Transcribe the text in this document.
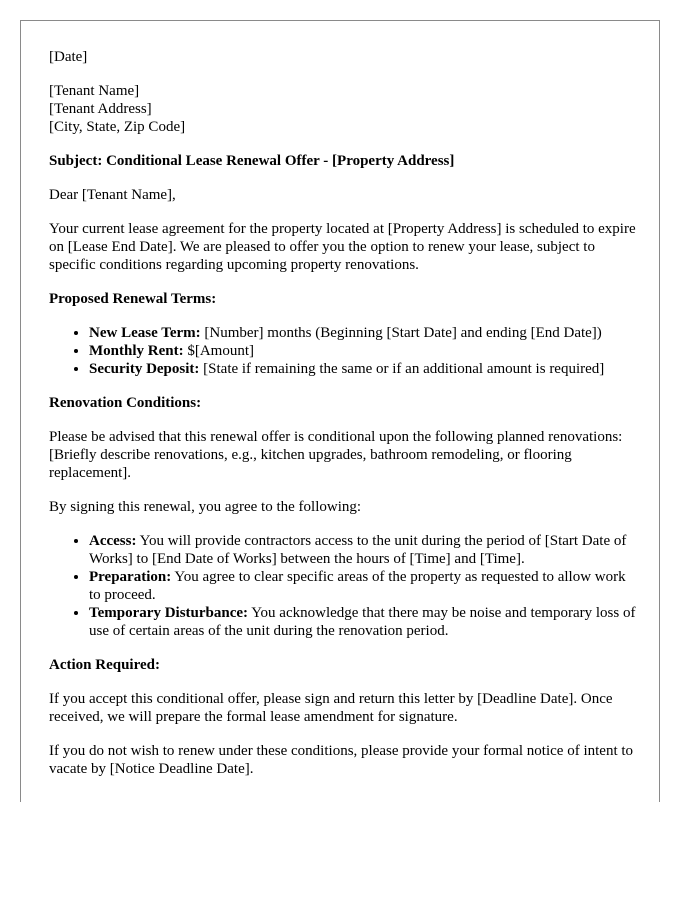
[Date]

[Tenant Name]
[Tenant Address]
[City, State, Zip Code]

Subject: Conditional Lease Renewal Offer - [Property Address]

Dear [Tenant Name],

Your current lease agreement for the property located at [Property Address] is scheduled to expire on [Lease End Date]. We are pleased to offer you the option to renew your lease, subject to specific conditions regarding upcoming property renovations.

Proposed Renewal Terms:

• New Lease Term: [Number] months (Beginning [Start Date] and ending [End Date])
• Monthly Rent: $[Amount]
• Security Deposit: [State if remaining the same or if an additional amount is required]

Renovation Conditions:

Please be advised that this renewal offer is conditional upon the following planned renovations: [Briefly describe renovations, e.g., kitchen upgrades, bathroom remodeling, or flooring replacement].

By signing this renewal, you agree to the following:

• Access: You will provide contractors access to the unit during the period of [Start Date of Works] to [End Date of Works] between the hours of [Time] and [Time].
• Preparation: You agree to clear specific areas of the property as requested to allow work to proceed.
• Temporary Disturbance: You acknowledge that there may be noise and temporary loss of use of certain areas of the unit during the renovation period.

Action Required:

If you accept this conditional offer, please sign and return this letter by [Deadline Date]. Once received, we will prepare the formal lease amendment for signature.

If you do not wish to renew under these conditions, please provide your formal notice of intent to vacate by [Notice Deadline Date].
